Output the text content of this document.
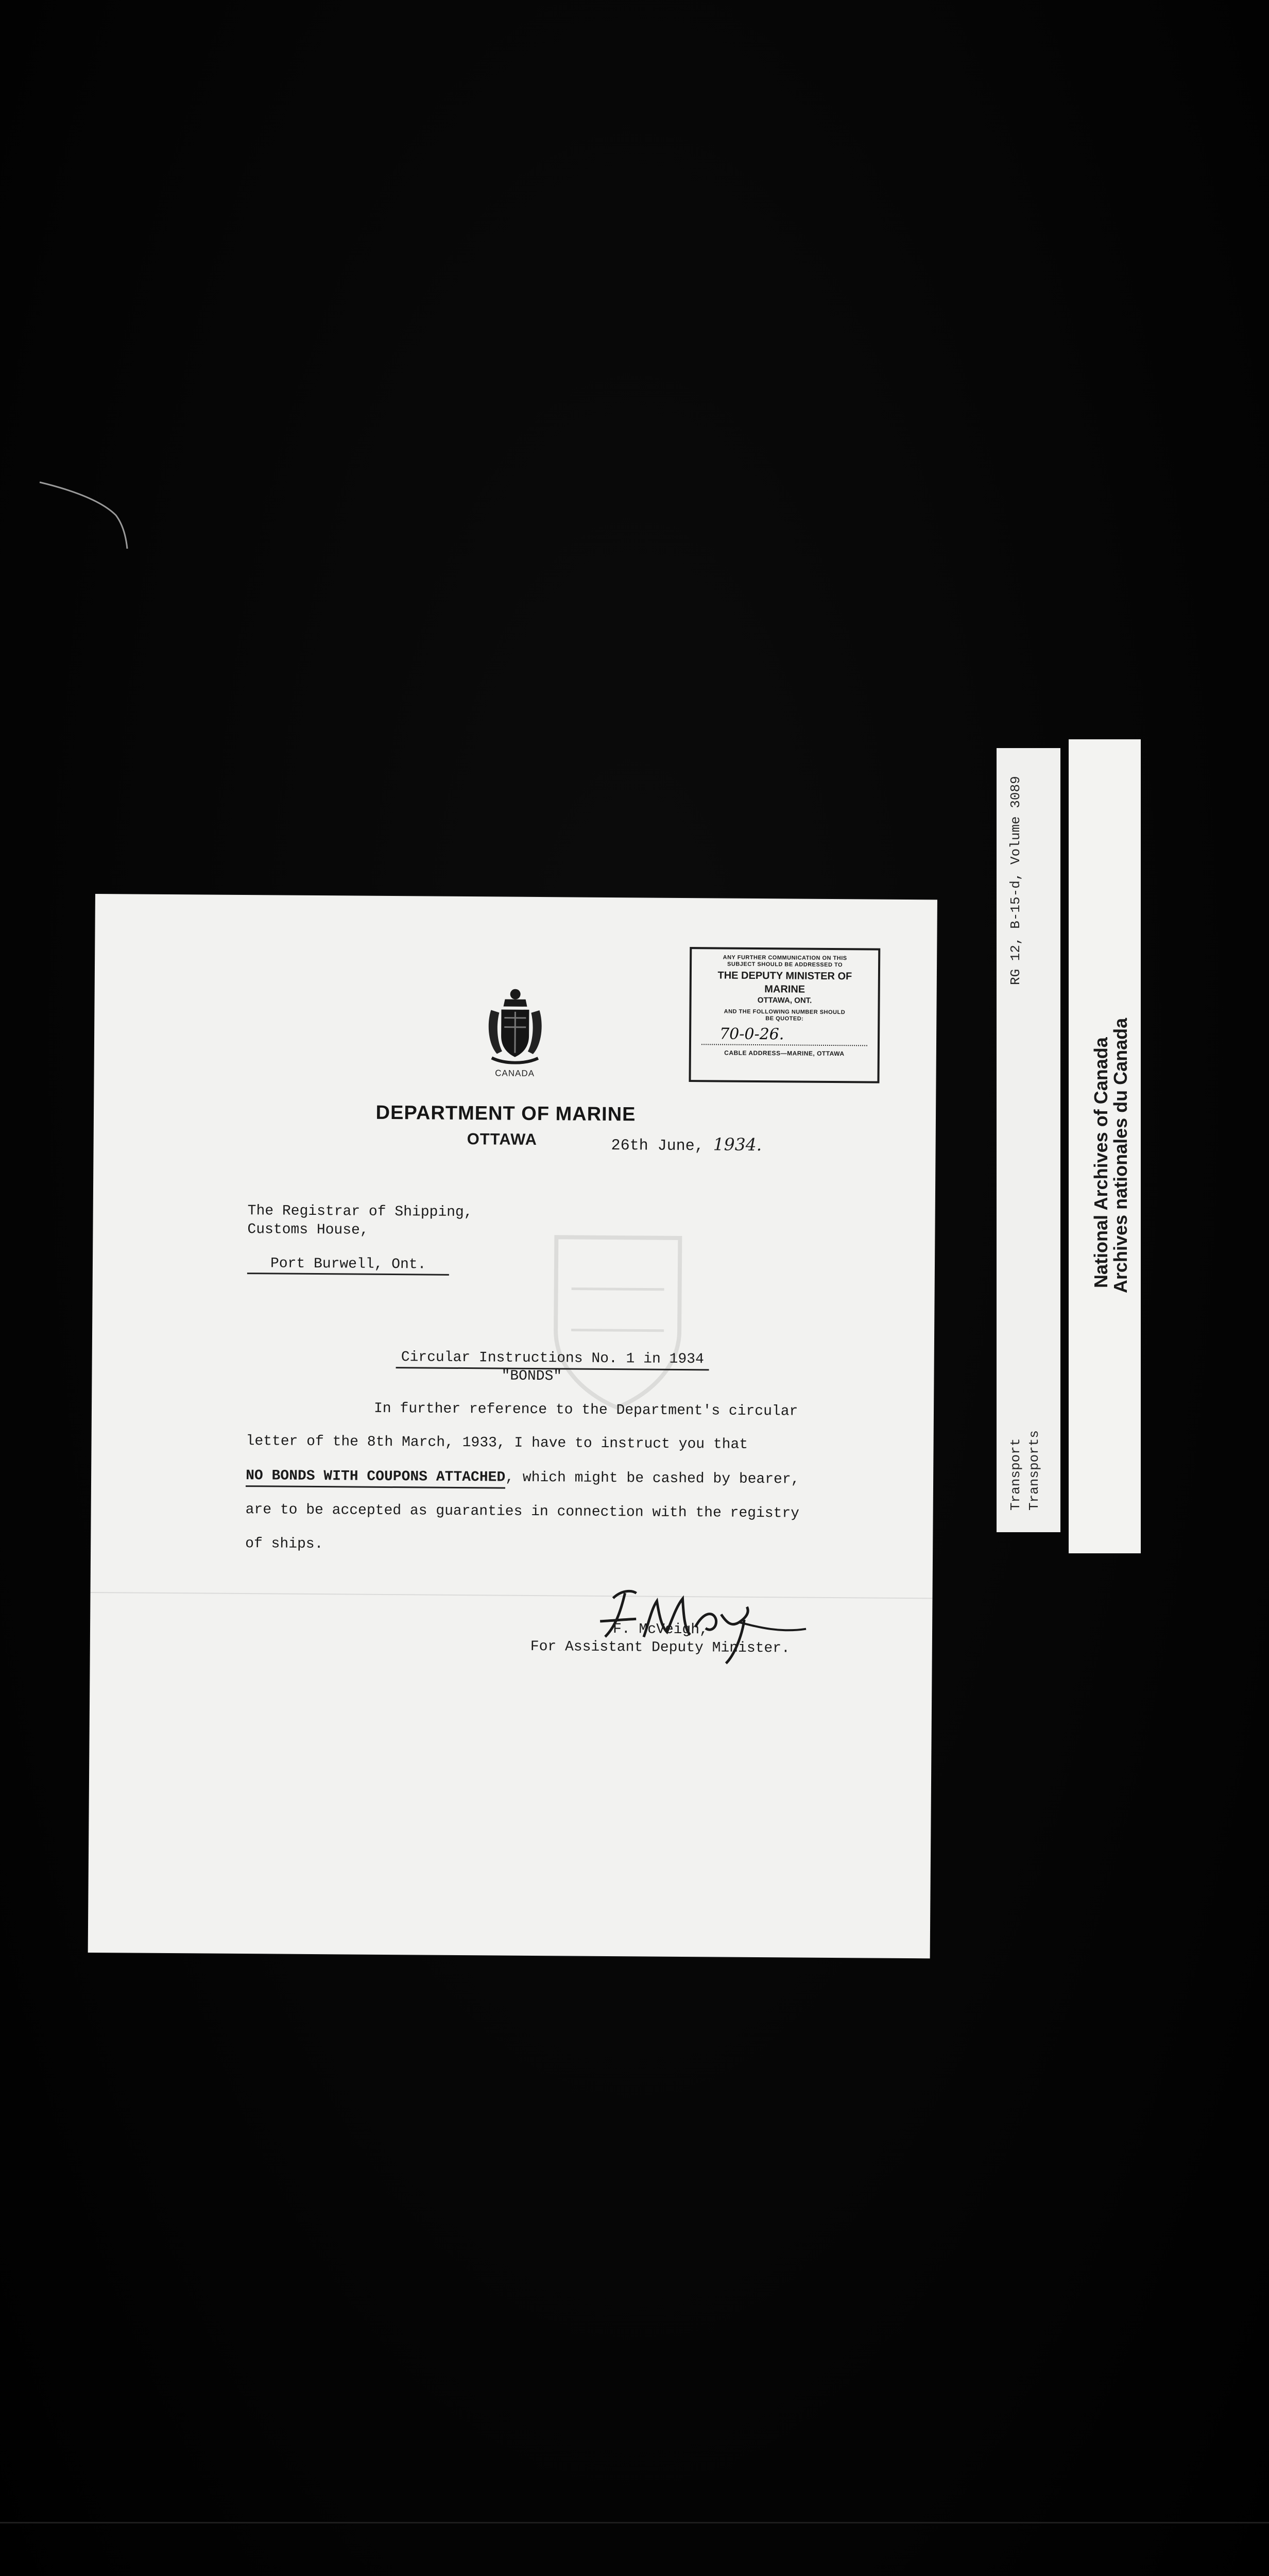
CANADA
DEPARTMENT OF MARINE
OTTAWA	26th June, 1934.
ANY FURTHER COMMUNICATION ON THIS
SUBJECT SHOULD BE ADDRESSED TO
THE DEPUTY MINISTER OF
MARINE
OTTAWA, ONT.
AND THE FOLLOWING NUMBER SHOULD
BE QUOTED:
70-0-26.
CABLE ADDRESS—MARINE, OTTAWA
The Registrar of Shipping,
Customs House,
Port Burwell, Ont.
Circular Instructions No. 1 in 1934
"BONDS"
In further reference to the Department's circular
letter of the 8th March, 1933, I have to instruct you that
NO BONDS WITH COUPONS ATTACHED, which might be cashed by bearer,
are to be accepted as guaranties in connection with the registry
of ships.
F. McVeigh,
For Assistant Deputy Minister.
RG 12, B-15-d, Volume 3089
Transport Transports
National Archives of Canada
Archives nationales du Canada
